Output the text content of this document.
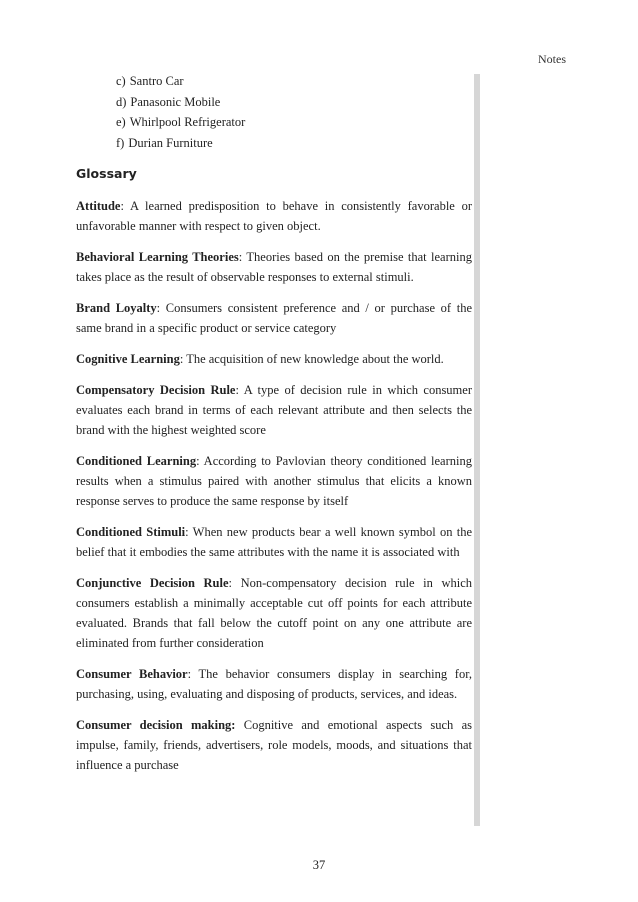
Notes
c) Santro Car
d) Panasonic Mobile
e) Whirlpool Refrigerator
f) Durian Furniture
Glossary

Attitude: A learned predisposition to behave in consistently favorable or unfavorable manner with respect to given object.

Behavioral Learning Theories: Theories based on the premise that learning takes place as the result of observable responses to external stimuli.

Brand Loyalty: Consumers consistent preference and / or purchase of the same brand in a specific product or service category

Cognitive Learning: The acquisition of new knowledge about the world.

Compensatory Decision Rule: A type of decision rule in which consumer evaluates each brand in terms of each relevant attribute and then selects the brand with the highest weighted score

Conditioned Learning: According to Pavlovian theory conditioned learning results when a stimulus paired with another stimulus that elicits a known response serves to produce the same response by itself

Conditioned Stimuli: When new products bear a well known symbol on the belief that it embodies the same attributes with the name it is associated with

Conjunctive Decision Rule: Non-compensatory decision rule in which consumers establish a minimally acceptable cut off points for each attribute evaluated. Brands that fall below the cutoff point on any one attribute are eliminated from further consideration

Consumer Behavior: The behavior consumers display in searching for, purchasing, using, evaluating and disposing of products, services, and ideas.

Consumer decision making: Cognitive and emotional aspects such as impulse, family, friends, advertisers, role models, moods, and situations that influence a purchase

37
